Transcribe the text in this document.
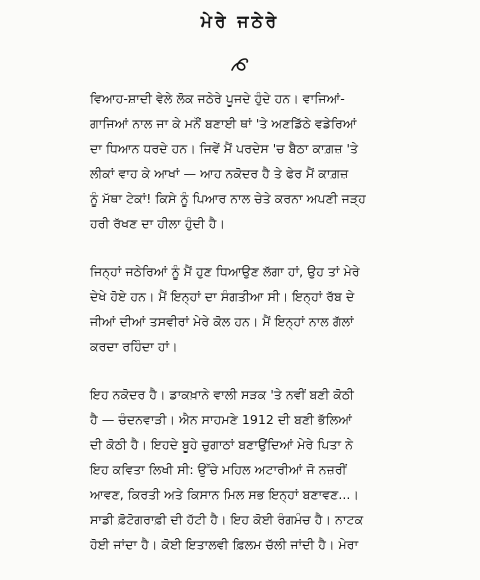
ਮੇਰੇ ਜਠੇਰੇ
ਵਿਆਹ-ਸ਼ਾਦੀ ਵੇਲੇ ਲੋਕ ਜਠੇਰੇ ਪੂਜਦੇ ਹੁੰਦੇ ਹਨ। ਵਾਜਿਆਂ-
ਗਾਜਿਆਂ ਨਾਲ ਜਾ ਕੇ ਮਨੌਂ ਬਣਾਈ ਥਾਂ 'ਤੇ ਅਣਡਿੱਠੇ ਵਡੇਰਿਆਂ
ਦਾ ਧਿਆਨ ਧਰਦੇ ਹਨ। ਜਿਵੇਂ ਮੈਂ ਪਰਦੇਸ 'ਚ ਬੈਠਾ ਕਾਗ਼ਜ਼ 'ਤੇ
ਲੀਕਾਂ ਵਾਹ ਕੇ ਆਖਾਂ — ਆਹ ਨਕੋਦਰ ਹੈ ਤੇ ਫੇਰ ਮੈਂ ਕਾਗ਼ਜ਼
ਨੂੰ ਮੱਥਾ ਟੇਕਾਂ! ਕਿਸੇ ਨੂੰ ਪਿਆਰ ਨਾਲ ਚੇਤੇ ਕਰਨਾ ਅਪਣੀ ਜੜ੍ਹ
ਹਰੀ ਰੱਖਣ ਦਾ ਹੀਲਾ ਹੁੰਦੀ ਹੈ।
ਜਿਨ੍ਹਾਂ ਜਠੇਰਿਆਂ ਨੂੰ ਮੈਂ ਹੁਣ ਧਿਆਉਣ ਲੱਗਾ ਹਾਂ, ਉਹ ਤਾਂ ਮੇਰੇ
ਦੇਖੇ ਹੋਏ ਹਨ। ਮੈਂ ਇਨ੍ਹਾਂ ਦਾ ਸੰਗਤੀਆ ਸੀ। ਇਨ੍ਹਾਂ ਰੱਬ ਦੇ
ਜੀਆਂ ਦੀਆਂ ਤਸਵੀਰਾਂ ਮੇਰੇ ਕੋਲ ਹਨ। ਮੈਂ ਇਨ੍ਹਾਂ ਨਾਲ ਗੱਲਾਂ
ਕਰਦਾ ਰਹਿੰਦਾ ਹਾਂ।
ਇਹ ਨਕੋਦਰ ਹੈ। ਡਾਕਖ਼ਾਨੇ ਵਾਲੀ ਸੜਕ 'ਤੇ ਨਵੀਂ ਬਣੀ ਕੋਠੀ
ਹੈ — ਚੰਦਨਵਾੜੀ। ਐਨ ਸਾਹਮਣੇ 1912 ਦੀ ਬਣੀ ਭੱਲਿਆਂ
ਦੀ ਕੋਠੀ ਹੈ। ਇਹਦੇ ਬੂਹੇ ਚੁਗਾਠਾਂ ਬਣਾਉਂਦਿਆਂ ਮੇਰੇ ਪਿਤਾ ਨੇ
ਇਹ ਕਵਿਤਾ ਲਿਖੀ ਸੀ: ਉੱਚੇ ਮਹਿਲ ਅਟਾਰੀਆਂ ਜੋ ਨਜ਼ਰੀਂ
ਆਵਣ, ਕਿਰਤੀ ਅਤੇ ਕਿਸਾਨ ਮਿਲ ਸਭ ਇਨ੍ਹਾਂ ਬਣਾਵਣ...।
ਸਾਡੀ ਫ਼ੋਟੋਗਰਾਫ਼ੀ ਦੀ ਹੱਟੀ ਹੈ। ਇਹ ਕੋਈ ਰੰਗਮੰਚ ਹੈ। ਨਾਟਕ
ਹੋਈ ਜਾਂਦਾ ਹੈ। ਕੋਈ ਇਤਾਲਵੀ ਫ਼ਿਲਮ ਚੱਲੀ ਜਾਂਦੀ ਹੈ। ਮੇਰਾ
